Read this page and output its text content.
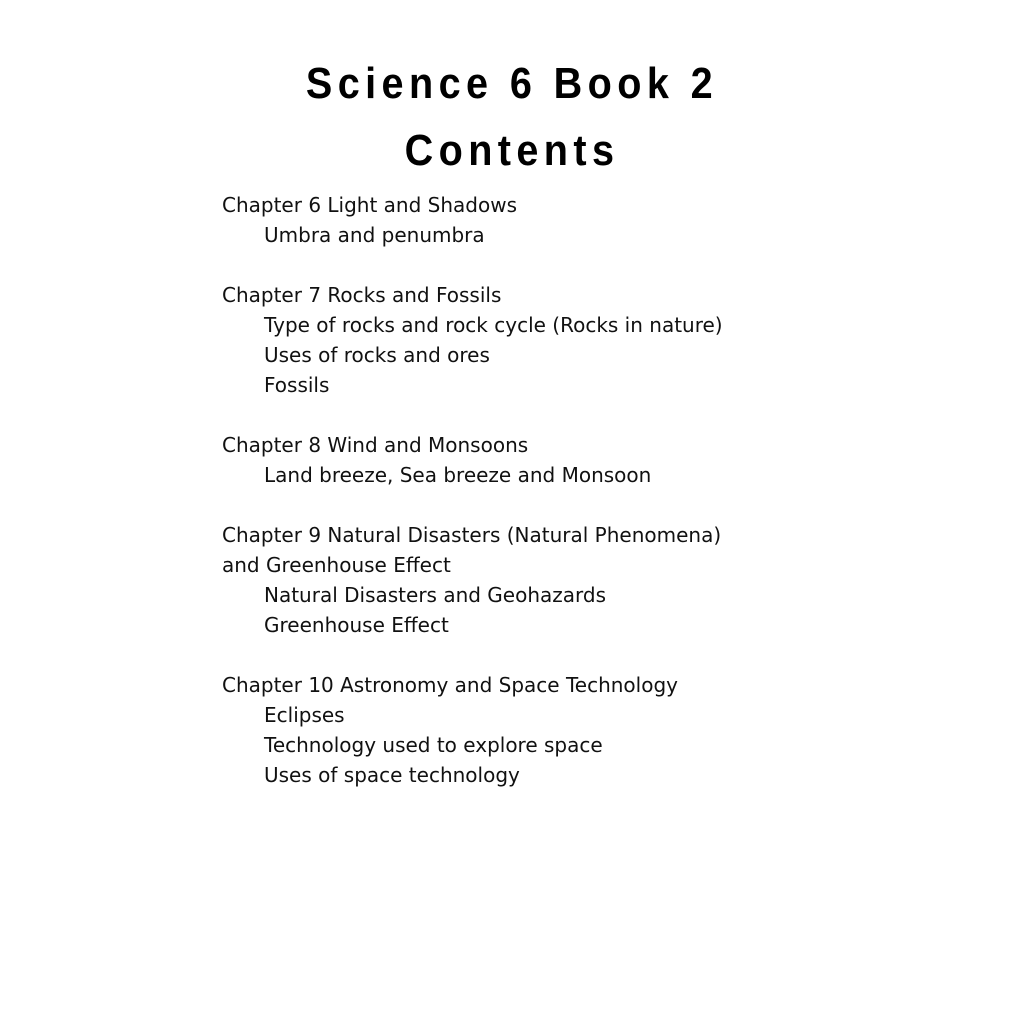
Science 6 Book 2
Contents
Chapter 6 Light and Shadows
Umbra and penumbra
Chapter 7 Rocks and Fossils
Type of rocks and rock cycle (Rocks in nature)
Uses of rocks and ores
Fossils
Chapter 8 Wind and Monsoons
Land breeze, Sea breeze and Monsoon
Chapter 9 Natural Disasters (Natural Phenomena) and Greenhouse Effect
Natural Disasters and Geohazards
Greenhouse Effect
Chapter 10 Astronomy and Space Technology
Eclipses
Technology used to explore space
Uses of space technology
